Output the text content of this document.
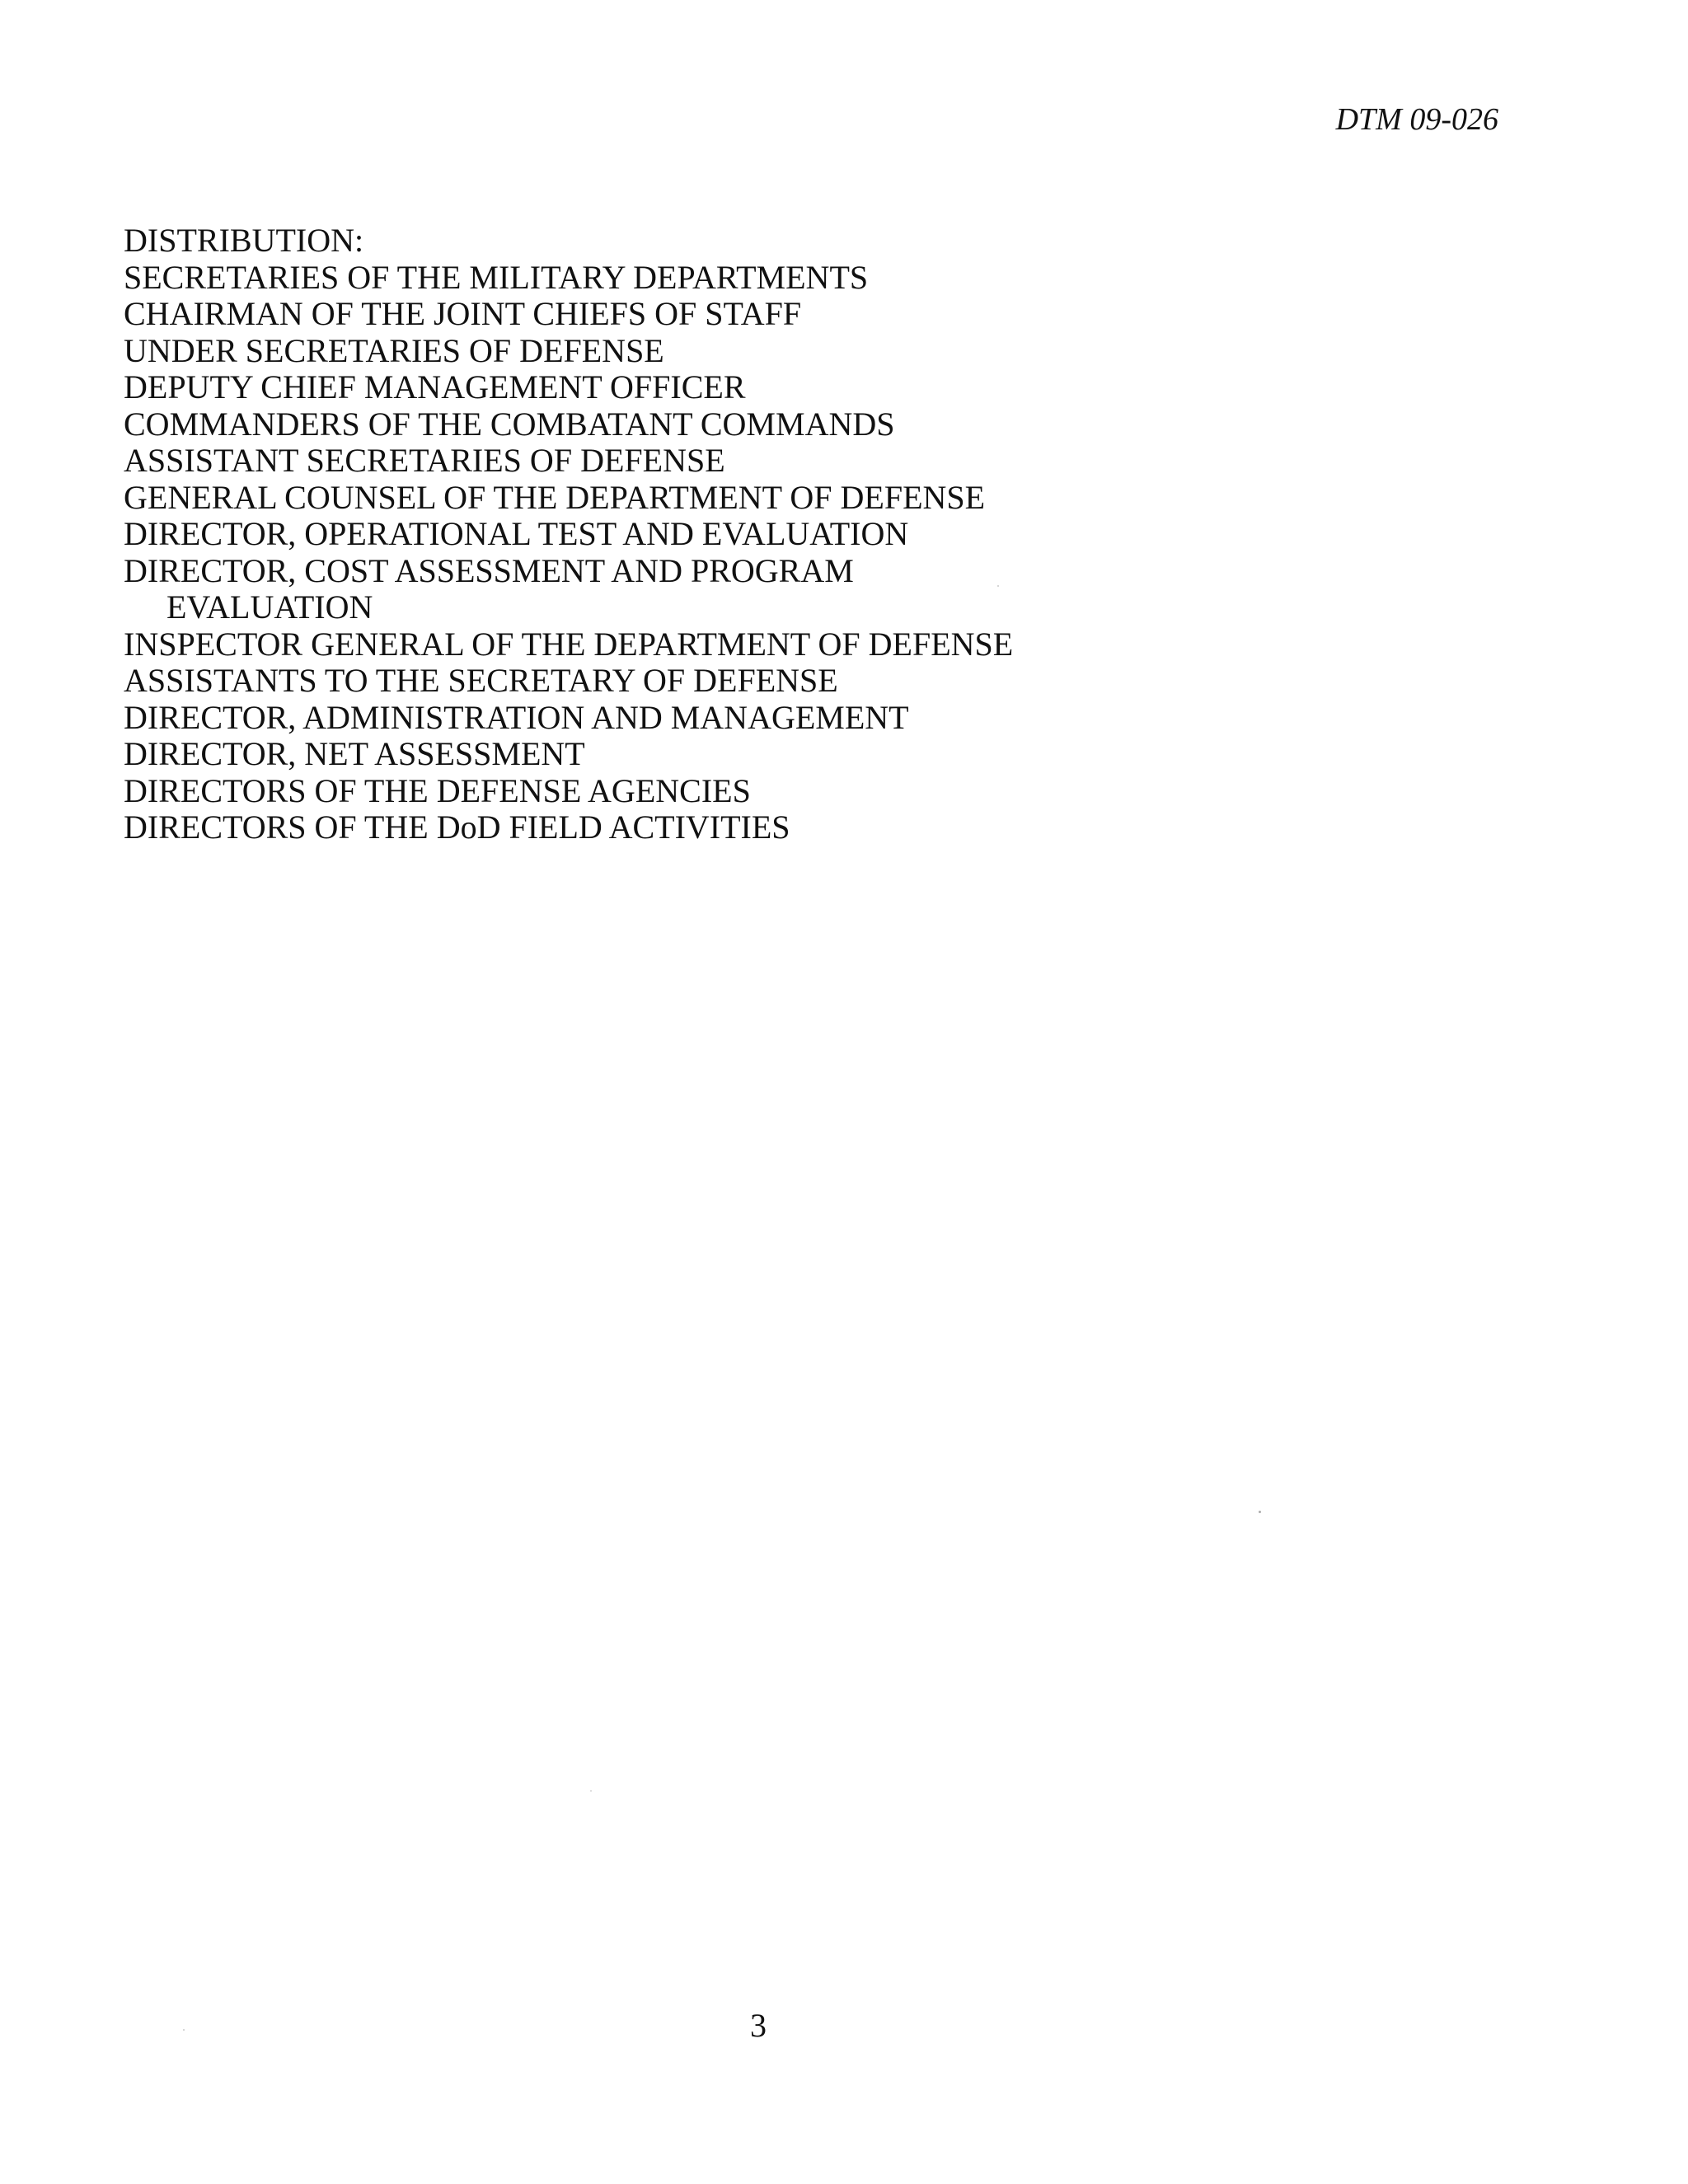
DTM 09-026
DISTRIBUTION:
SECRETARIES OF THE MILITARY DEPARTMENTS
CHAIRMAN OF THE JOINT CHIEFS OF STAFF
UNDER SECRETARIES OF DEFENSE
DEPUTY CHIEF MANAGEMENT OFFICER
COMMANDERS OF THE COMBATANT COMMANDS
ASSISTANT SECRETARIES OF DEFENSE
GENERAL COUNSEL OF THE DEPARTMENT OF DEFENSE
DIRECTOR, OPERATIONAL TEST AND EVALUATION
DIRECTOR, COST ASSESSMENT AND PROGRAM
EVALUATION
INSPECTOR GENERAL OF THE DEPARTMENT OF DEFENSE
ASSISTANTS TO THE SECRETARY OF DEFENSE
DIRECTOR, ADMINISTRATION AND MANAGEMENT
DIRECTOR, NET ASSESSMENT
DIRECTORS OF THE DEFENSE AGENCIES
DIRECTORS OF THE DoD FIELD ACTIVITIES
3
